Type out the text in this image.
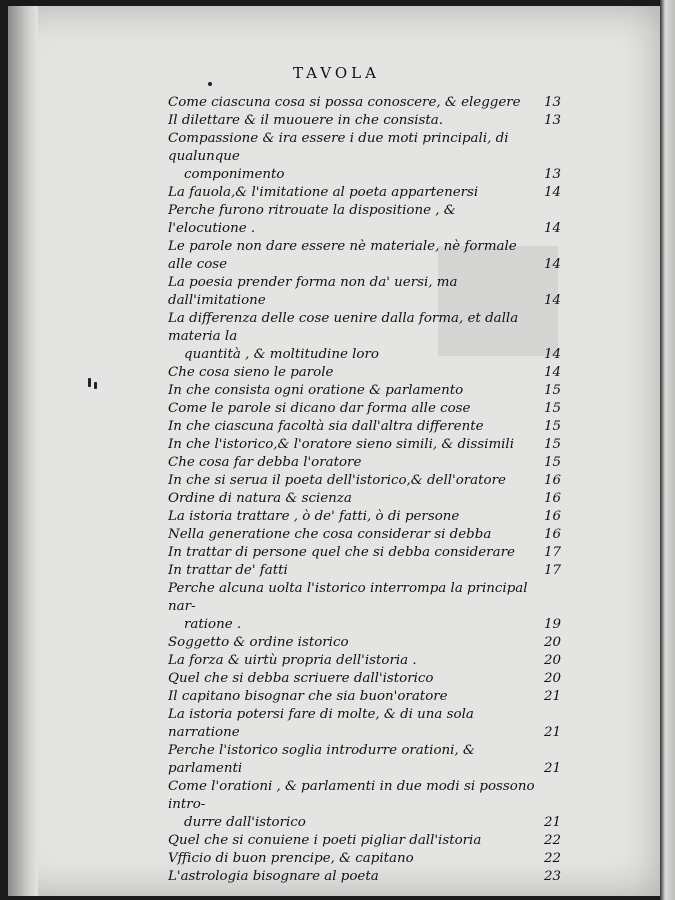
TAVOLA
Come ciascuna cosa si possa conoscere, & eleggere	13
Il dilettare & il muouere in che consista.	13
Compassione & ira essere i due moti principali, di qualunque
componimento	13
La fauola,& l'imitatione al poeta appartenersi	14
Perche furono ritrouate la dispositione , & l'elocutione .	14
Le parole non dare essere nè materiale, nè formale alle cose	14
La poesia prender forma non da' uersi, ma dall'imitatione	14
La differenza delle cose uenire dalla forma, et dalla materia la
quantità , & moltitudine loro	14
Che cosa sieno le parole	14
In che consista ogni oratione & parlamento	15
Come le parole si dicano dar forma alle cose	15
In che ciascuna facoltà sia dall'altra differente	15
In che l'istorico,& l'oratore sieno simili, & dissimili	15
Che cosa far debba l'oratore	15
In che si serua il poeta dell'istorico,& dell'oratore	16
Ordine di natura & scienza	16
La istoria trattare , ò de' fatti, ò di persone	16
Nella generatione che cosa considerar si debba	16
In trattar di persone quel che si debba considerare	17
In trattar de' fatti	17
Perche alcuna uolta l'istorico interrompa la principal nar-
ratione .	19
Soggetto & ordine istorico	20
La forza & uirtù propria dell'istoria .	20
Quel che si debba scriuere dall'istorico	20
Il capitano bisognar che sia buon'oratore	21
La istoria potersi fare di molte, & di una sola narratione	21
Perche l'istorico soglia introdurre orationi, & parlamenti	21
Come l'orationi , & parlamenti in due modi si possono intro-
durre dall'istorico	21
Quel che si conuiene i poeti pigliar dall'istoria	22
Vfficio di buon prencipe, & capitano	22
L'astrologia bisognare al poeta	23
